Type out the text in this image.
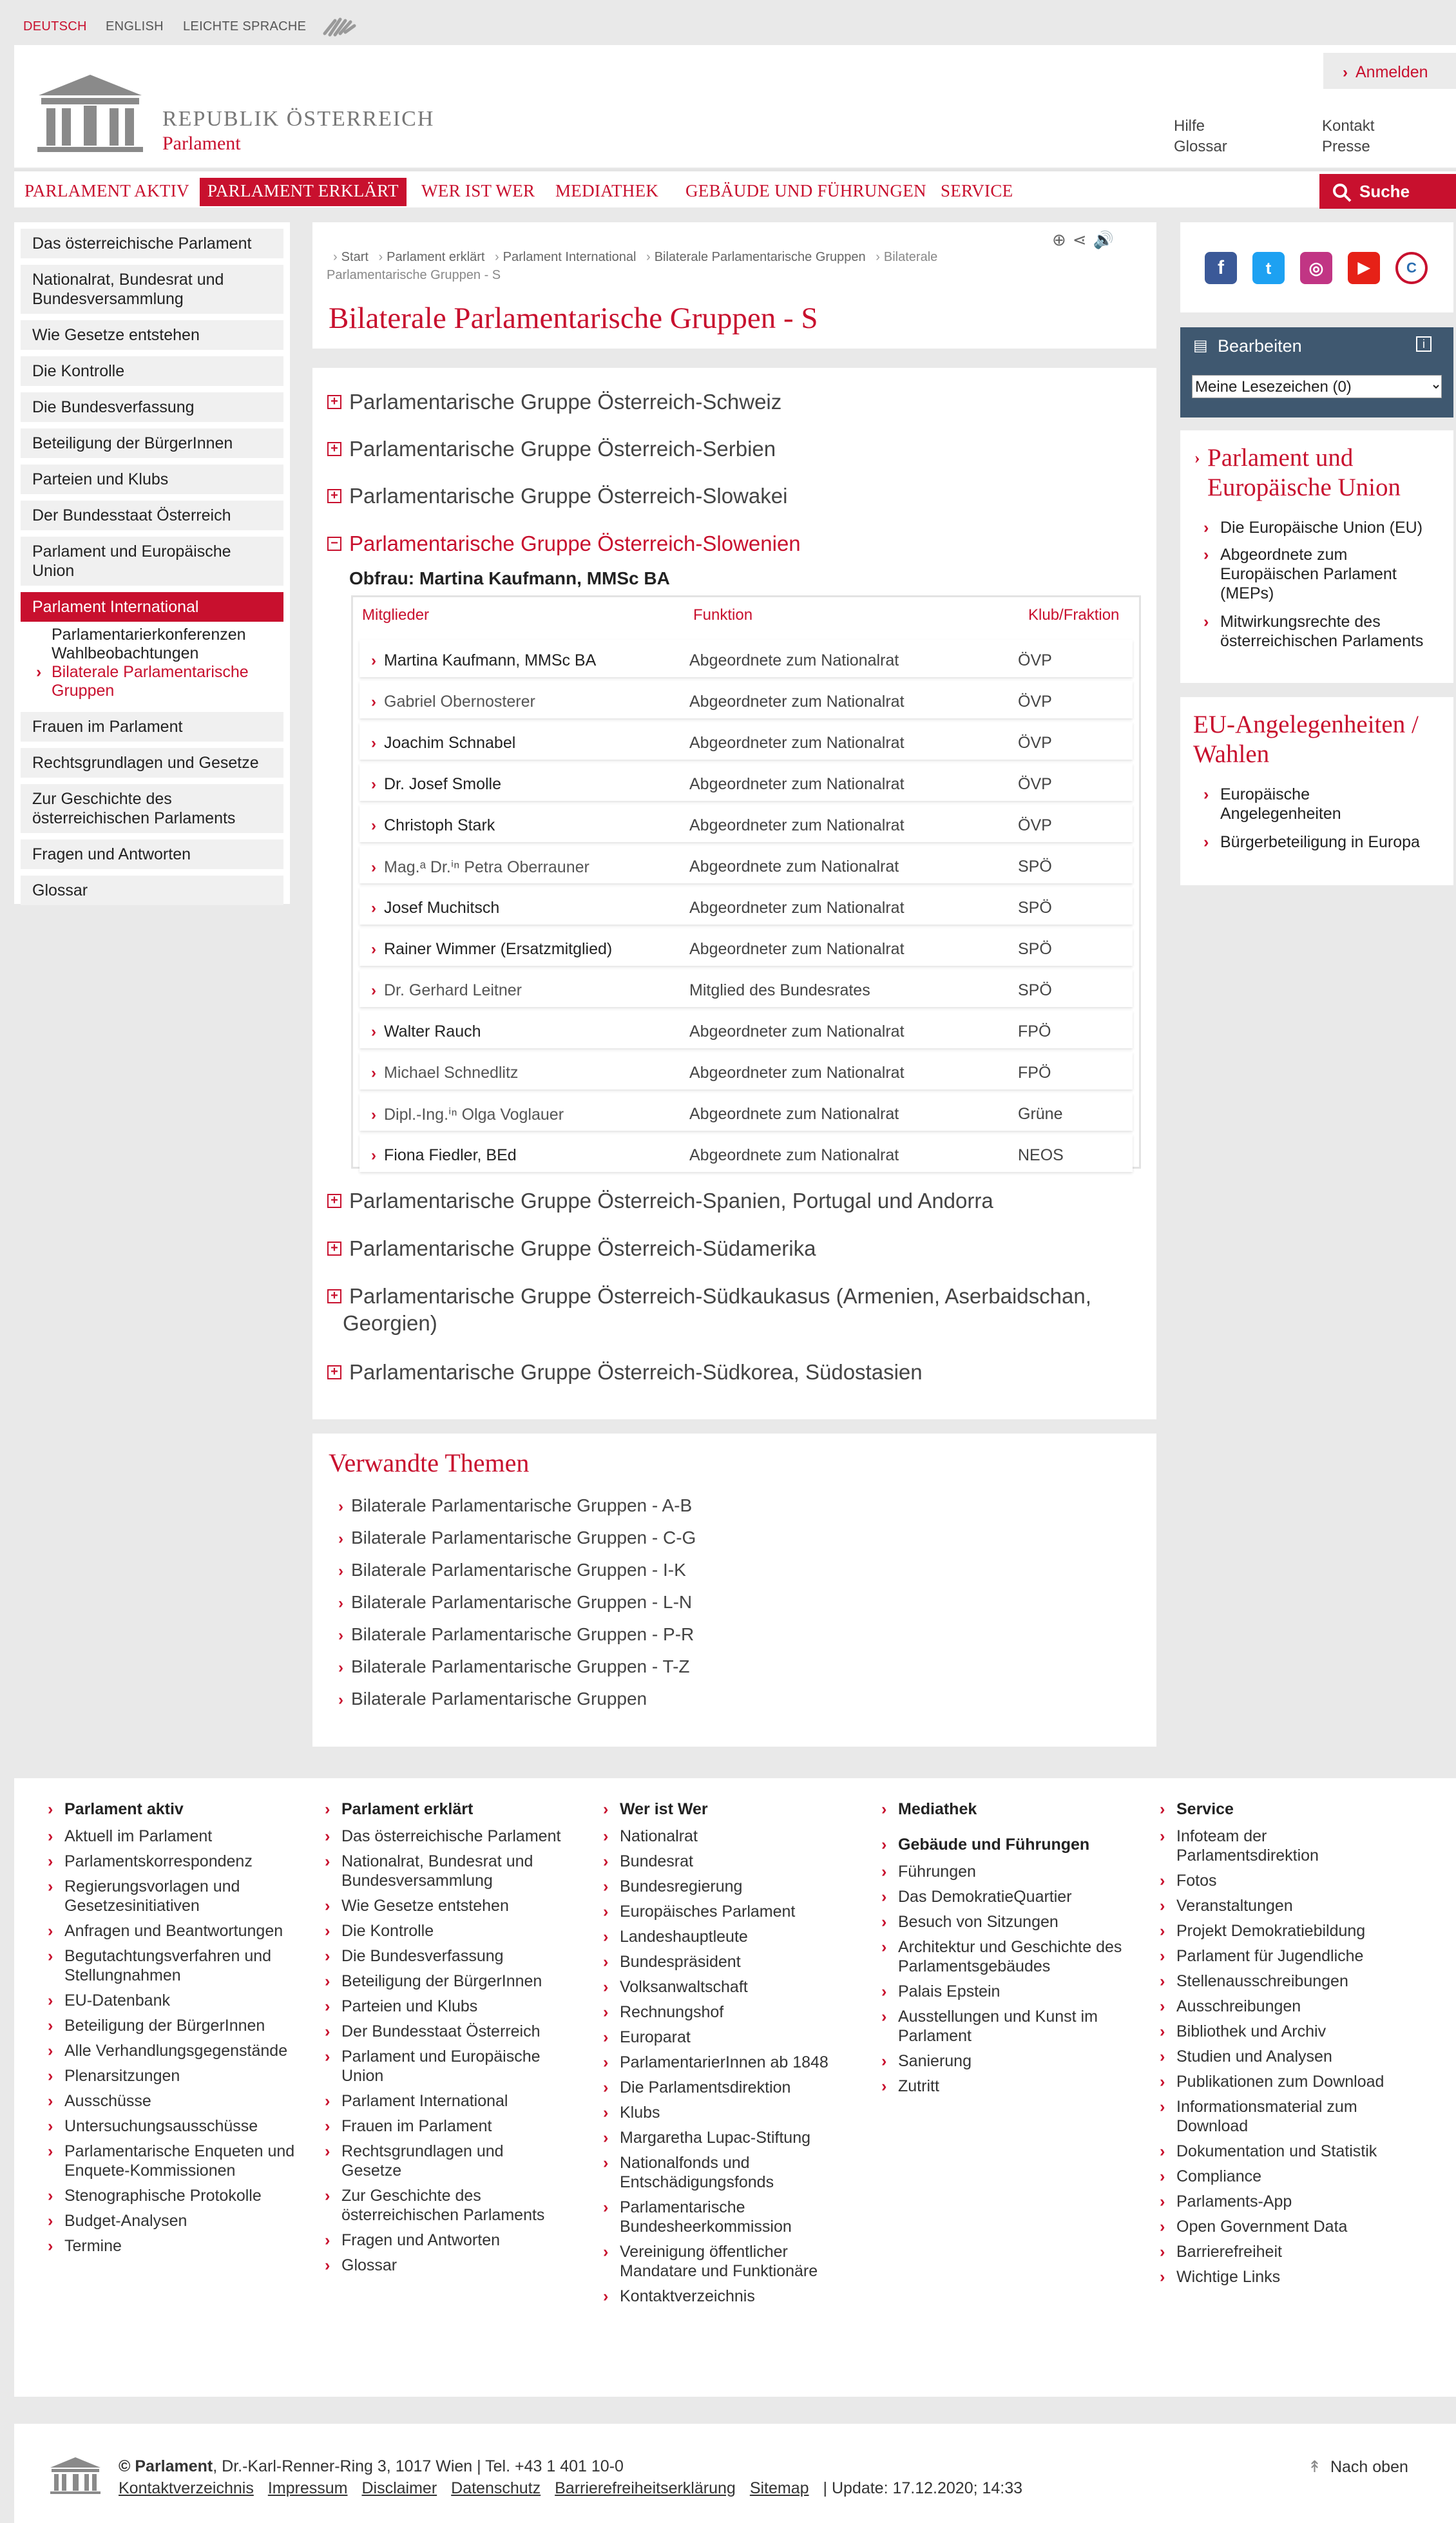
DEUTSCH ENGLISH LEICHTE SPRACHE
REPUBLIK ÖSTERREICH
Parlament
› Anmelden
Hilfe
Glossar
Kontakt
Presse
PARLAMENT AKTIV	PARLAMENT ERKLÄRT	WER IST WER	MEDIATHEK	GEBÄUDE UND FÜHRUNGEN SERVICE	Suche
Das österreichische Parlament
Nationalrat, Bundesrat und Bundesversammlung
Wie Gesetze entstehen
Die Kontrolle
Die Bundesverfassung
Beteiligung der BürgerInnen
Parteien und Klubs
Der Bundesstaat Österreich
Parlament und Europäische Union
Parlament International
Parlamentarierkonferenzen
Wahlbeobachtungen
› Bilaterale Parlamentarische Gruppen
Frauen im Parlament
Rechtsgrundlagen und Gesetze
Zur Geschichte des österreichischen Parlaments
Fragen und Antworten
Glossar
› Start › Parlament erklärt › Parlament International › Bilaterale Parlamentarische Gruppen › Bilaterale Parlamentarische Gruppen - S
⊕⋖🔊
Bilaterale Parlamentarische Gruppen - S
+ Parlamentarische Gruppe Österreich-Schweiz
+ Parlamentarische Gruppe Österreich-Serbien
+ Parlamentarische Gruppe Österreich-Slowakei
− Parlamentarische Gruppe Österreich-Slowenien
Obfrau: Martina Kaufmann, MMSc BA
Mitglieder	Funktion	Klub/Fraktion
› Martina Kaufmann, MMSc BA	Abgeordnete zum Nationalrat	ÖVP
› Gabriel Obernosterer	Abgeordneter zum Nationalrat	ÖVP
› Joachim Schnabel	Abgeordneter zum Nationalrat	ÖVP
› Dr. Josef Smolle	Abgeordneter zum Nationalrat	ÖVP
› Christoph Stark	Abgeordneter zum Nationalrat	ÖVP
› Mag.ᵃ Dr.ⁱⁿ Petra Oberrauner	Abgeordnete zum Nationalrat	SPÖ
› Josef Muchitsch	Abgeordneter zum Nationalrat	SPÖ
› Rainer Wimmer (Ersatzmitglied)	Abgeordneter zum Nationalrat	SPÖ
› Dr. Gerhard Leitner	Mitglied des Bundesrates	SPÖ
› Walter Rauch	Abgeordneter zum Nationalrat	FPÖ
› Michael Schnedlitz	Abgeordneter zum Nationalrat	FPÖ
› Dipl.-Ing.ⁱⁿ Olga Voglauer	Abgeordnete zum Nationalrat	Grüne
› Fiona Fiedler, BEd	Abgeordnete zum Nationalrat	NEOS
+ Parlamentarische Gruppe Österreich-Spanien, Portugal und Andorra
+ Parlamentarische Gruppe Österreich-Südamerika
+ Parlamentarische Gruppe Österreich-Südkaukasus (Armenien, Aserbaidschan, Georgien)
+ Parlamentarische Gruppe Österreich-Südkorea, Südostasien
Verwandte Themen
› Bilaterale Parlamentarische Gruppen - A-B
› Bilaterale Parlamentarische Gruppen - C-G
› Bilaterale Parlamentarische Gruppen - I-K
› Bilaterale Parlamentarische Gruppen - L-N
› Bilaterale Parlamentarische Gruppen - P-R
› Bilaterale Parlamentarische Gruppen - T-Z
› Bilaterale Parlamentarische Gruppen
f	t	◎	▶	C
▤ Bearbeiten	i
Meine Lesezeichen (0)
› Parlament und Europäische Union
› Die Europäische Union (EU)
› Abgeordnete zum Europäischen Parlament (MEPs)
› Mitwirkungsrechte des österreichischen Parlaments
EU-Angelegenheiten / Wahlen
› Europäische Angelegenheiten
› Bürgerbeteiligung in Europa
› Parlament aktiv
› Aktuell im Parlament
› Parlamentskorrespondenz
› Regierungsvorlagen und Gesetzesinitiativen
› Anfragen und Beantwortungen
› Begutachtungsverfahren und Stellungnahmen
› EU-Datenbank
› Beteiligung der BürgerInnen
› Alle Verhandlungsgegenstände
› Plenarsitzungen
› Ausschüsse
› Untersuchungsausschüsse
› Parlamentarische Enqueten und Enquete-Kommissionen
› Stenographische Protokolle
› Budget-Analysen
› Termine
› Parlament erklärt
› Das österreichische Parlament
› Nationalrat, Bundesrat und Bundesversammlung
› Wie Gesetze entstehen
› Die Kontrolle
› Die Bundesverfassung
› Beteiligung der BürgerInnen
› Parteien und Klubs
› Der Bundesstaat Österreich
› Parlament und Europäische Union
› Parlament International
› Frauen im Parlament
› Rechtsgrundlagen und Gesetze
› Zur Geschichte des österreichischen Parlaments
› Fragen und Antworten
› Glossar
› Wer ist Wer
› Nationalrat
› Bundesrat
› Bundesregierung
› Europäisches Parlament
› Landeshauptleute
› Bundespräsident
› Volksanwaltschaft
› Rechnungshof
› Europarat
› ParlamentarierInnen ab 1848
› Die Parlamentsdirektion
› Klubs
› Margaretha Lupac-Stiftung
› Nationalfonds und Entschädigungsfonds
› Parlamentarische Bundesheerkommission
› Vereinigung öffentlicher Mandatare und Funktionäre
› Kontaktverzeichnis
› Mediathek
› Gebäude und Führungen
› Führungen
› Das DemokratieQuartier
› Besuch von Sitzungen
› Architektur und Geschichte des Parlamentsgebäudes
› Palais Epstein
› Ausstellungen und Kunst im Parlament
› Sanierung
› Zutritt
› Service
› Infoteam der Parlamentsdirektion
› Fotos
› Veranstaltungen
› Projekt Demokratiebildung
› Parlament für Jugendliche
› Stellenausschreibungen
› Ausschreibungen
› Bibliothek und Archiv
› Studien und Analysen
› Publikationen zum Download
› Informationsmaterial zum Download
› Dokumentation und Statistik
› Compliance
› Parlaments-App
› Open Government Data
› Barrierefreiheit
› Wichtige Links
© Parlament, Dr.-Karl-Renner-Ring 3, 1017 Wien | Tel. +43 1 401 10-0
Kontaktverzeichnis Impressum Disclaimer Datenschutz Barrierefreiheitserklärung Sitemap | Update: 17.12.2020; 14:33
↟ Nach oben
